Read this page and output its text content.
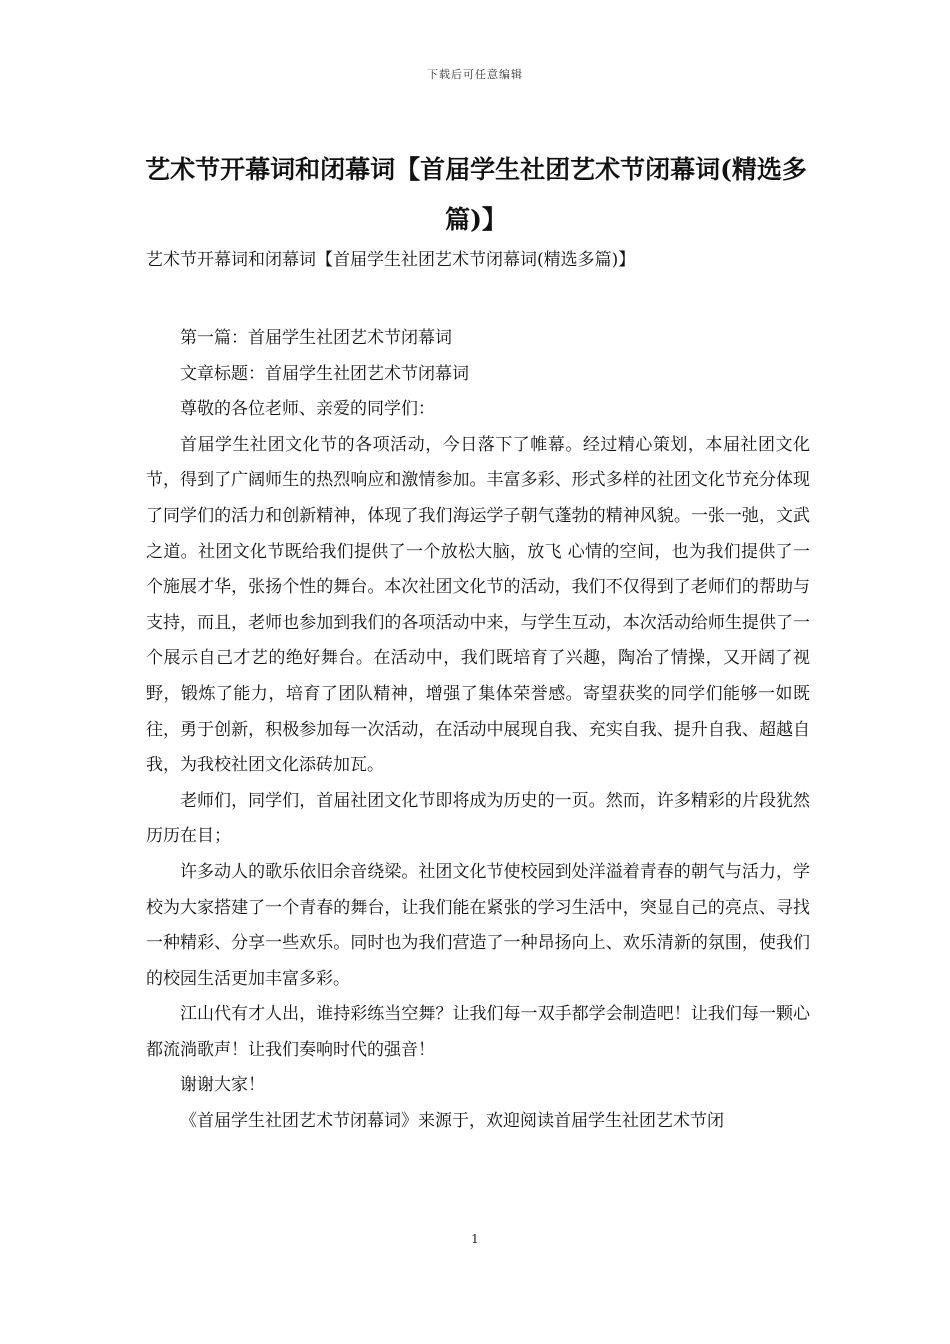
下载后可任意编辑
艺术节开幕词和闭幕词【首届学生社团艺术节闭幕词(精选多篇)】
艺术节开幕词和闭幕词【首届学生社团艺术节闭幕词(精选多篇)】

第一篇：首届学生社团艺术节闭幕词

文章标题：首届学生社团艺术节闭幕词

尊敬的各位老师、亲爱的同学们：

首届学生社团文化节的各项活动，今日落下了帷幕。经过精心策划，本届社团文化节，得到了广阔师生的热烈响应和激情参加。丰富多彩、形式多样的社团文化节充分体现了同学们的活力和创新精神，体现了我们海运学子朝气蓬勃的精神风貌。一张一弛，文武之道。社团文化节既给我们提供了一个放松大脑，放飞 心情的空间，也为我们提供了一个施展才华，张扬个性的舞台。本次社团文化节的活动，我们不仅得到了老师们的帮助与支持，而且，老师也参加到我们的各项活动中来，与学生互动，本次活动给师生提供了一个展示自己才艺的绝好舞台。在活动中，我们既培育了兴趣，陶冶了情操，又开阔了视野，锻炼了能力，培育了团队精神，增强了集体荣誉感。寄望获奖的同学们能够一如既往，勇于创新，积极参加每一次活动，在活动中展现自我、充实自我、提升自我、超越自我，为我校社团文化添砖加瓦。

老师们，同学们，首届社团文化节即将成为历史的一页。然而，许多精彩的片段犹然历历在目；

许多动人的歌乐依旧余音绕梁。社团文化节使校园到处洋溢着青春的朝气与活力，学校为大家搭建了一个青春的舞台，让我们能在紧张的学习生活中，突显自己的亮点、寻找一种精彩、分享一些欢乐。同时也为我们营造了一种昂扬向上、欢乐清新的氛围，使我们的校园生活更加丰富多彩。

江山代有才人出，谁持彩练当空舞？让我们每一双手都学会制造吧！让我们每一颗心都流淌歌声！让我们奏响时代的强音！

谢谢大家！

《首届学生社团艺术节闭幕词》来源于，欢迎阅读首届学生社团艺术节闭

1
